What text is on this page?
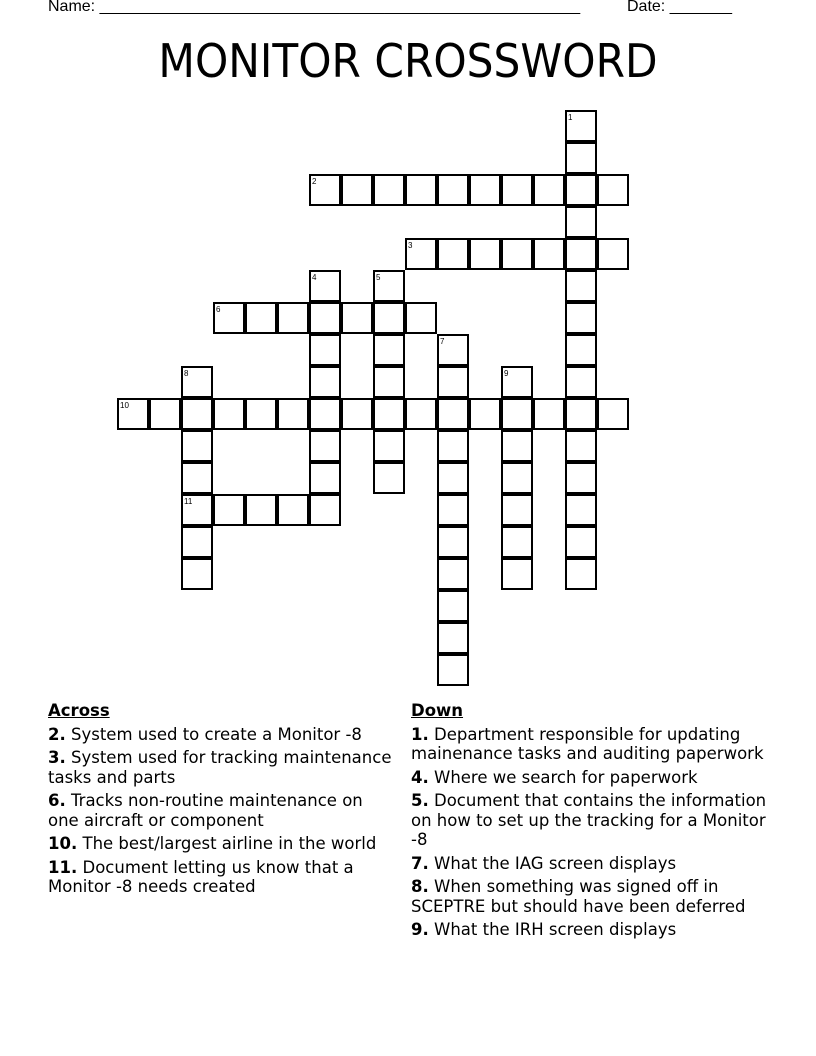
Name: ______________________________________________________	Date: _______
MONITOR CROSSWORD
1
2
3
4	5
6
7
8
11
9
10
Across
2. System used to create a Monitor -8
3. System used for tracking maintenance tasks and parts
6. Tracks non-routine maintenance on one aircraft or component
10. The best/largest airline in the world
11. Document letting us know that a Monitor -8 needs created
Down
1. Department responsible for updating mainenance tasks and auditing paperwork
4. Where we search for paperwork
5. Document that contains the information on how to set up the tracking for a Monitor -8
7. What the IAG screen displays
8. When something was signed off in SCEPTRE but should have been deferred
9. What the IRH screen displays
